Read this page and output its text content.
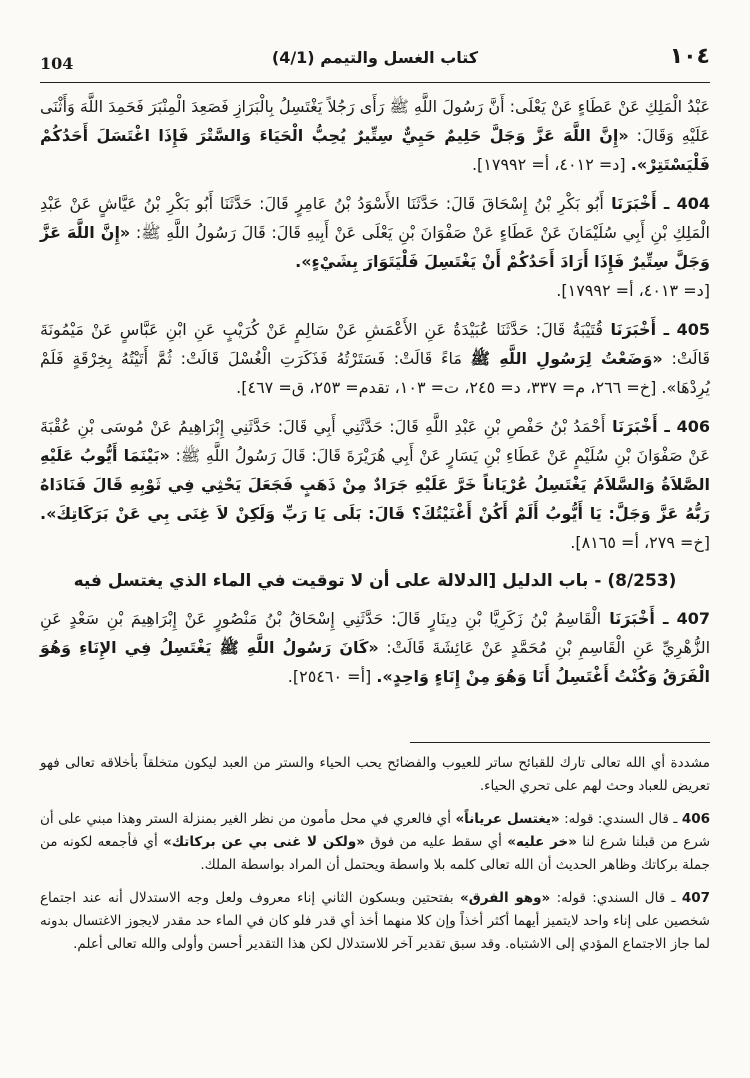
104	(4/1) كتاب الغسل والتيمم	١٠٤

عَبْدُ الْمَلِكِ عَنْ عَطَاءٍ عَنْ يَعْلَى: أَنَّ رَسُولَ اللَّهِ ﷺ رَأَى رَجُلاً يَغْتَسِلُ بِالْبَرَازِ فَصَعِدَ الْمِنْبَرَ فَحَمِدَ اللَّهَ وَأَثْنَى عَلَيْهِ وَقَالَ: «إِنَّ اللَّهَ عَزَّ وَجَلَّ حَلِيمٌ حَيِيٌّ سِتِّيرٌ يُحِبُّ الْحَيَاءَ وَالسَّتْرَ فَإِذَا اغْتَسَلَ أَحَدُكُمْ فَلْيَسْتَتِرْ». [د= ٤٠١٢، أ= ١٧٩٩٢].

404 ـ أَخْبَرَنَا أَبُو بَكْرِ بْنُ إِسْحَاقَ قَالَ: حَدَّثَنَا الأَسْوَدُ بْنُ عَامِرٍ قَالَ: حَدَّثَنَا أَبُو بَكْرِ بْنُ عَيَّاشٍ عَنْ عَبْدِ الْمَلِكِ بْنِ أَبِي سُلَيْمَانَ عَنْ عَطَاءٍ عَنْ صَفْوَانَ بْنِ يَعْلَى عَنْ أَبِيهِ قَالَ: قَالَ رَسُولُ اللَّهِ ﷺ: «إِنَّ اللَّهَ عَزَّ وَجَلَّ سِتِّيرٌ فَإِذَا أَرَادَ أَحَدُكُمْ أَنْ يَغْتَسِلَ فَلْيَتَوَارَ بِشَيْءٍ».
[د= ٤٠١٣، أ= ١٧٩٩٢].

405 ـ أَخْبَرَنَا قُتَيْبَةُ قَالَ: حَدَّثَنَا عُبَيْدَةُ عَنِ الأَعْمَشِ عَنْ سَالِمٍ عَنْ كُرَيْبٍ عَنِ ابْنِ عَبَّاسٍ عَنْ مَيْمُونَةَ قَالَتْ: «وَضَعْتُ لِرَسُولِ اللَّهِ ﷺ مَاءً قَالَتْ: فَسَتَرْتُهُ فَذَكَرَتِ الْغُسْلَ قَالَتْ: ثُمَّ أَتَيْتُهُ بِخِرْقَةٍ فَلَمْ يُرِدْهَا». [خ= ٢٦٦، م= ٣٣٧، د= ٢٤٥، ت= ١٠٣، تقدم= ٢٥٣، ق= ٤٦٧].

406 ـ أَخْبَرَنَا أَحْمَدُ بْنُ حَفْصِ بْنِ عَبْدِ اللَّهِ قَالَ: حَدَّثَنِي أَبِي قَالَ: حَدَّثَنِي إِبْرَاهِيمُ عَنْ مُوسَى بْنِ عُقْبَةَ عَنْ صَفْوَانَ بْنِ سُلَيْمٍ عَنْ عَطَاءِ بْنِ يَسَارٍ عَنْ أَبِي هُرَيْرَةَ قَالَ: قَالَ رَسُولُ اللَّهِ ﷺ: «بَيْنَمَا أَيُّوبُ عَلَيْهِ الصَّلاَةُ وَالسَّلاَمُ يَغْتَسِلُ عُرْيَاناً خَرَّ عَلَيْهِ جَرَادٌ مِنْ ذَهَبٍ فَجَعَلَ يَحْثِي فِي ثَوْبِهِ قَالَ فَنَادَاهُ رَبُّهُ عَزَّ وَجَلَّ: يَا أَيُّوبُ أَلَمْ أَكُنْ أَغْنَيْتُكَ؟ قَالَ: بَلَى يَا رَبِّ وَلَكِنْ لاَ غِنَى بِي عَنْ بَرَكَاتِكَ». [خ= ٢٧٩، أ= ٨١٦٥].

(8/253) - باب الدليل [الدلالة على أن لا توقيت في الماء الذي يغتسل فيه

407 ـ أَخْبَرَنَا الْقَاسِمُ بْنُ زَكَرِيَّا بْنِ دِينَارٍ قَالَ: حَدَّثَنِي إِسْحَاقُ بْنُ مَنْصُورٍ عَنْ إِبْرَاهِيمَ بْنِ سَعْدٍ عَنِ الزُّهْرِيِّ عَنِ الْقَاسِمِ بْنِ مُحَمَّدٍ عَنْ عَائِشَةَ قَالَتْ: «كَانَ رَسُولُ اللَّهِ ﷺ يَغْتَسِلُ فِي الإِنَاءِ وَهُوَ الْفَرَقُ وَكُنْتُ أَغْتَسِلُ أَنَا وَهُوَ مِنْ إِنَاءٍ وَاحِدٍ». [أ= ٢٥٤٦٠].

مشددة أي الله تعالى تارك للقبائح ساتر للعيوب والفضائح يحب الحياء والستر من العبد ليكون متخلقاً بأخلاقه تعالى فهو تعريض للعباد وحث لهم على تحري الحياء.

406 ـ قال السندي: قوله: «يغتسل عرياناً» أي فالعري في محل مأمون من نظر الغير بمنزلة الستر وهذا مبني على أن شرع من قبلنا شرع لنا «خر عليه» أي سقط عليه من فوق «ولكن لا غنى بي عن بركاتك» أي فأجمعه لكونه من جملة بركاتك وظاهر الحديث أن الله تعالى كلمه بلا واسطة ويحتمل أن المراد بواسطة الملك.

407 ـ قال السندي: قوله: «وهو الفرق» بفتحتين وبسكون الثاني إناء معروف ولعل وجه الاستدلال أنه عند اجتماع شخصين على إناء واحد لايتميز أيهما أكثر أخذاً وإن كلا منهما أخذ أي قدر فلو كان في الماء حد مقدر لايجوز الاغتسال بدونه لما جاز الاجتماع المؤدي إلى الاشتباه. وقد سبق تقدير آخر للاستدلال لكن هذا التقدير أحسن وأولى والله تعالى أعلم.
